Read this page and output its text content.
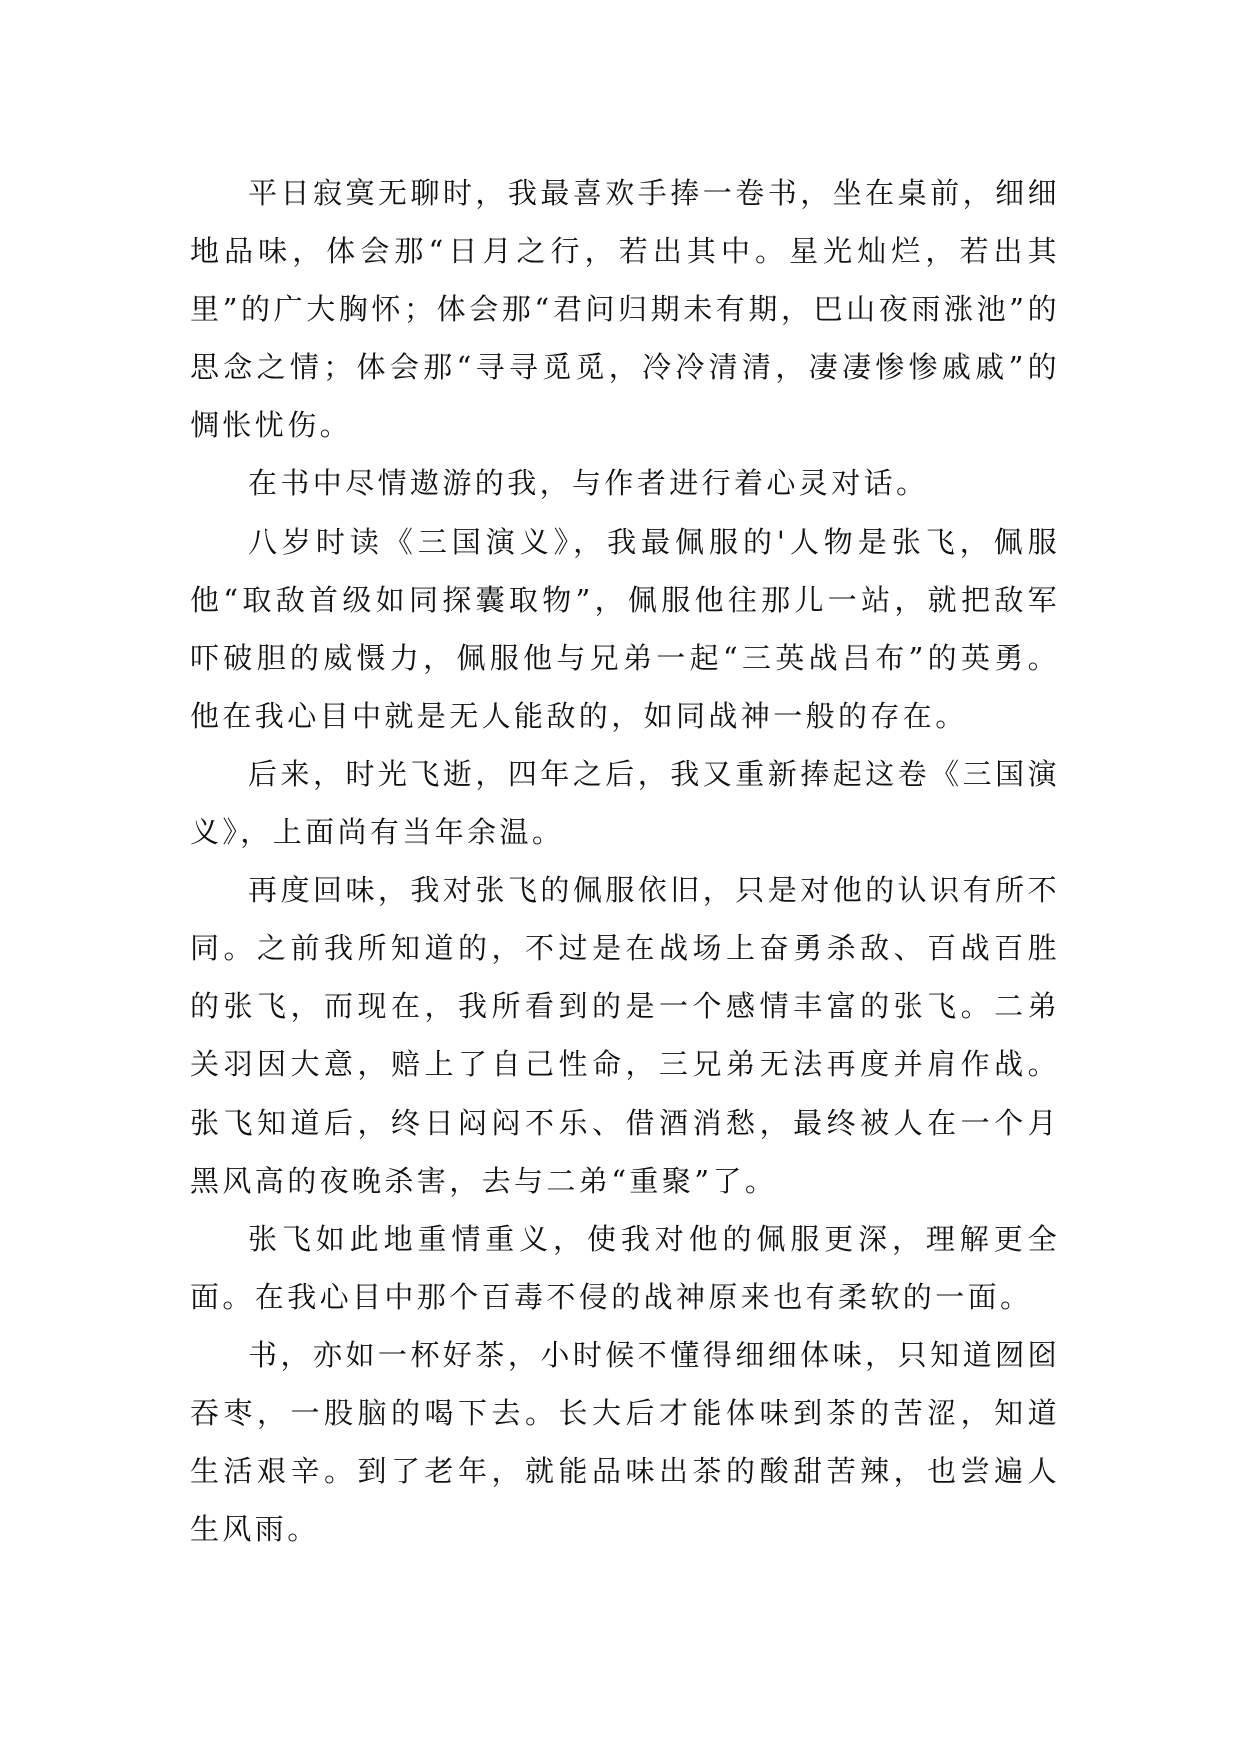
平日寂寞无聊时，我最喜欢手捧一卷书，坐在桌前，细细地品味，体会那“日月之行，若出其中。星光灿烂，若出其里”的广大胸怀；体会那“君问归期未有期，巴山夜雨涨池”的思念之情；体会那“寻寻觅觅，冷冷清清，凄凄惨惨戚戚”的惆怅忧伤。

在书中尽情遨游的我，与作者进行着心灵对话。

八岁时读《三国演义》，我最佩服的'人物是张飞，佩服他“取敌首级如同探囊取物”，佩服他往那儿一站，就把敌军吓破胆的威慑力，佩服他与兄弟一起“三英战吕布”的英勇。他在我心目中就是无人能敌的，如同战神一般的存在。

后来，时光飞逝，四年之后，我又重新捧起这卷《三国演义》，上面尚有当年余温。

再度回味，我对张飞的佩服依旧，只是对他的认识有所不同。之前我所知道的，不过是在战场上奋勇杀敌、百战百胜的张飞，而现在，我所看到的是一个感情丰富的张飞。二弟关羽因大意，赔上了自己性命，三兄弟无法再度并肩作战。张飞知道后，终日闷闷不乐、借酒消愁，最终被人在一个月黑风高的夜晚杀害，去与二弟“重聚”了。

张飞如此地重情重义，使我对他的佩服更深，理解更全面。在我心目中那个百毒不侵的战神原来也有柔软的一面。

书，亦如一杯好茶，小时候不懂得细细体味，只知道囫囵吞枣，一股脑的喝下去。长大后才能体味到茶的苦涩，知道生活艰辛。到了老年，就能品味出茶的酸甜苦辣，也尝遍人生风雨。
